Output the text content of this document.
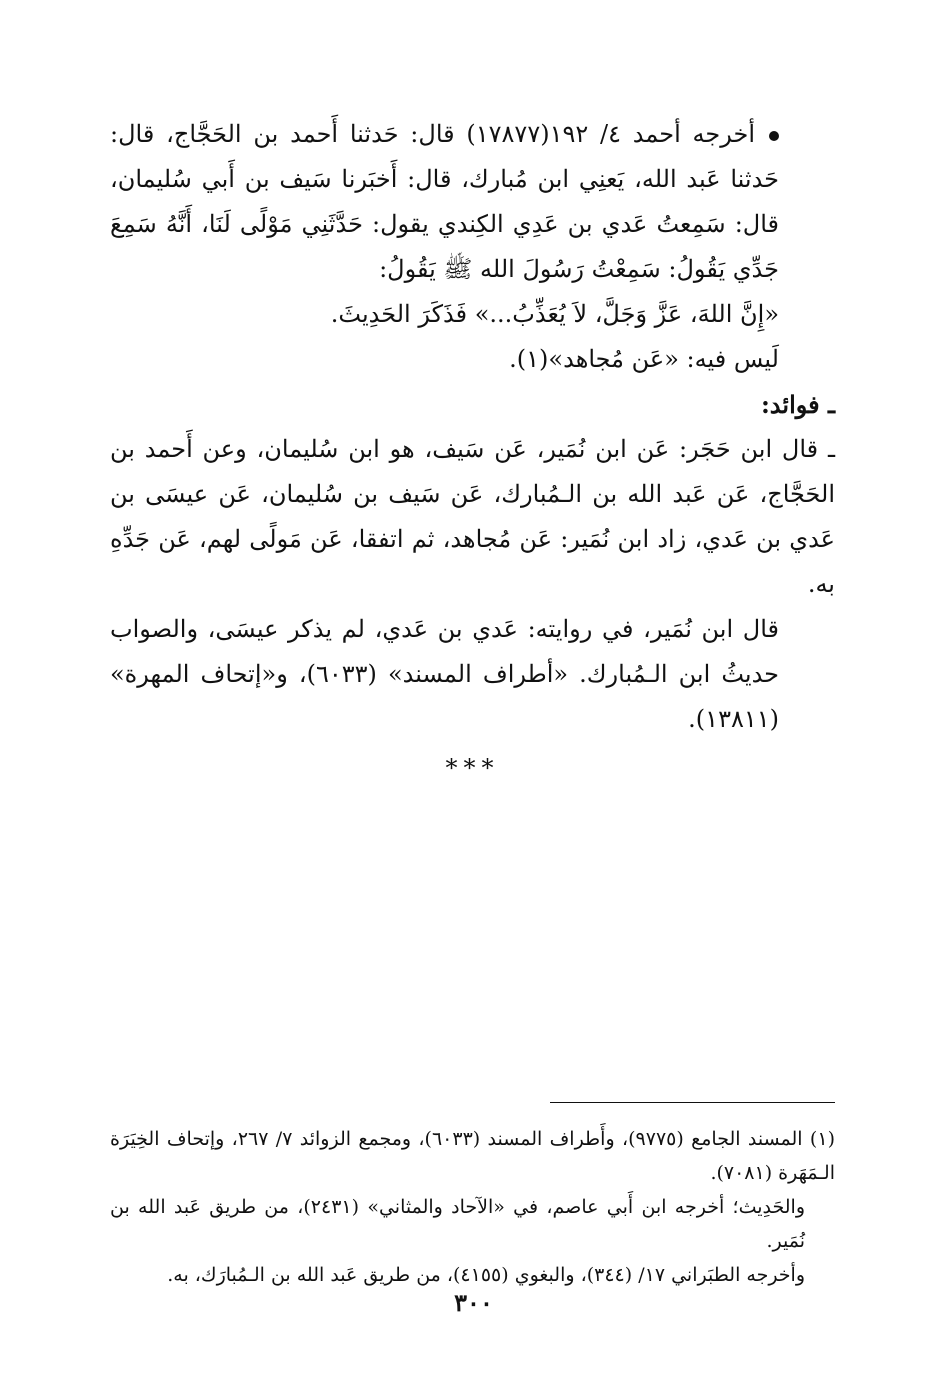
أخرجه أحمد ٤/ ١٩٢(١٧٨٧٧) قال: حَدثنا أَحمد بن الحَجَّاج، قال: حَدثنا عَبد الله، يَعنِي ابن مُبارك، قال: أَخبَرنا سَيف بن أَبي سُليمان، قال: سَمِعتُ عَدي بن عَدِي الكِندي يقول: حَدَّثَنِي مَوْلًى لَنَا، أَنَّهُ سَمِعَ جَدِّي يَقُولُ: سَمِعْتُ رَسُولَ الله ﷺ يَقُولُ:

«إِنَّ اللهَ، عَزَّ وَجَلَّ، لاَ يُعَذِّبُ...» فَذَكَرَ الحَدِيثَ.

لَيس فيه: «عَن مُجاهد»(١).

ـ فوائد:

ـ قال ابن حَجَر: عَن ابن نُمَير، عَن سَيف، هو ابن سُليمان، وعن أَحمد بن الحَجَّاج، عَن عَبد الله بن الـمُبارك، عَن سَيف بن سُليمان، عَن عيسَى بن عَدي بن عَدي، زاد ابن نُمَير: عَن مُجاهد، ثم اتفقا، عَن مَولًى لهم، عَن جَدِّهِ به.

قال ابن نُمَير، في روايته: عَدي بن عَدي، لم يذكر عيسَى، والصواب حديثُ ابن الـمُبارك. «أطراف المسند» (٦٠٣٣)، و«إتحاف المهرة» (١٣٨١١).

***

(١) المسند الجامع (٩٧٧٥)، وأَطراف المسند (٦٠٣٣)، ومجمع الزوائد ٧/ ٢٦٧، وإتحاف الخِيَرَة الـمَهَرة (٧٠٨١).

والحَدِيث؛ أخرجه ابن أَبي عاصم، في «الآحاد والمثاني» (٢٤٣١)، من طريق عَبد الله بن نُمَير.

وأخرجه الطبَراني ١٧/ (٣٤٤)، والبغوي (٤١٥٥)، من طريق عَبد الله بن الـمُبارَك، به.

٣٠٠
